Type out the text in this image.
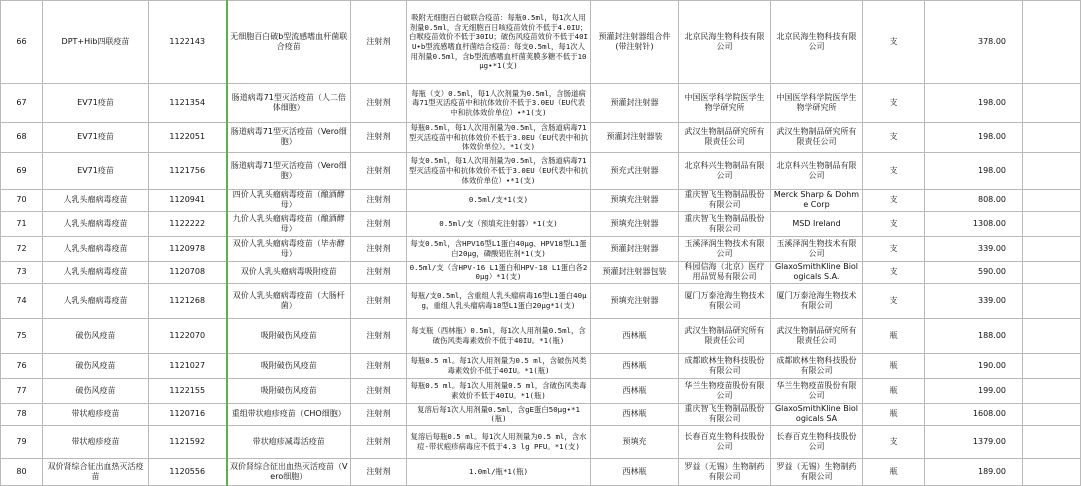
66	DPT+Hib四联疫苗	1122143	无细胞百白破b型流感嗜血杆菌联合疫苗	注射剂	吸附无细胞百白破联合疫苗：每瓶0.5ml，每1次人用剂量0.5ml，含无细胞百日咳疫苗效价不低于4.0IU；白喉疫苗效价不低于30IU；破伤风疫苗效价不低于40IU•b型流感嗜血杆菌结合疫苗：每支0.5ml，每1次人用剂量0.5ml，含b型流感嗜血杆菌荚膜多糖不低于10μg•*1(支)	预灌封注射器组合件(带注射针)	北京民海生物科技有限公司	北京民海生物科技有限公司	支	378.00	
67	EV71疫苗	1121354	肠道病毒71型灭活疫苗（人二倍体细胞）	注射剂	每瓶（支）0.5ml，每1人次剂量为0.5ml，含肠道病毒71型灭活疫苗中和抗体效价不低于3.0EU（EU代表中和抗体效价单位）•*1(支)	预灌封注射器	中国医学科学院医学生物学研究所	中国医学科学院医学生物学研究所	支	198.00	
68	EV71疫苗	1122051	肠道病毒71型灭活疫苗（Vero细胞）	注射剂	每瓶0.5ml，每1人次用剂量为0.5ml，含肠道病毒71型灭活疫苗中和抗体效价不低于3.0EU（EU代表中和抗体效价单位）。*1(支)	预灌封注射器装	武汉生物制品研究所有限责任公司	武汉生物制品研究所有限责任公司	支	198.00	
69	EV71疫苗	1121756	肠道病毒71型灭活疫苗（Vero细胞）	注射剂	每支0.5ml，每1人次用剂量为0.5ml，含肠道病毒71型灭活疫苗中和抗体效价不低于3.0EU（EU代表中和抗体效价单位）•*1(支)	预充式注射器	北京科兴生物制品有限公司	北京科兴生物制品有限公司	支	198.00	
70	人乳头瘤病毒疫苗	1120941	四价人乳头瘤病毒疫苗（酿酒酵母）	注射剂	0.5ml/支*1(支)	预填充注射器	重庆智飞生物制品股份有限公司	Merck Sharp & Dohme Corp	支	808.00	
71	人乳头瘤病毒疫苗	1122222	九价人乳头瘤病毒疫苗（酿酒酵母）	注射剂	0.5ml/支（预填充注射器）*1(支)	预填充注射器	重庆智飞生物制品股份有限公司	MSD Ireland	支	1308.00	
72	人乳头瘤病毒疫苗	1120978	双价人乳头瘤病毒疫苗（毕赤酵母）	注射剂	每支0.5ml，含HPV16型L1蛋白40μg、HPV18型L1蛋白20μg，磷酸铝佐剂*1(支)	预灌封注射器	玉溪泽润生物技术有限公司	玉溪泽润生物技术有限公司	支	339.00	
73	人乳头瘤病毒疫苗	1120708	双价人乳头瘤病毒吸附疫苗	注射剂	0.5ml/支（含HPV-16 L1蛋白和HPV-18 L1蛋白各20μg）*1(支)	预灌封注射器包装	科园信海（北京）医疗用品贸易有限公司	GlaxoSmithKline Biologicals S.A.	支	590.00	
74	人乳头瘤病毒疫苗	1121268	双价人乳头瘤病毒疫苗（大肠杆菌）	注射剂	每瓶/支0.5ml，含重组人乳头瘤病毒16型L1蛋白40μg，重组人乳头瘤病毒18型L1蛋白20μg*1(支)	预填充注射器	厦门万泰沧海生物技术有限公司	厦门万泰沧海生物技术有限公司	支	339.00	
75	破伤风疫苗	1122070	吸附破伤风疫苗	注射剂	每支瓶（西林瓶）0.5ml，每1次人用剂量0.5ml，含破伤风类毒素效价不低于40IU。*1(瓶)	西林瓶	武汉生物制品研究所有限责任公司	武汉生物制品研究所有限责任公司	瓶	188.00	
76	破伤风疫苗	1121027	吸附破伤风疫苗	注射剂	每瓶0.5 ml。每1次人用剂量为0.5 ml，含破伤风类毒素效价不低于40IU。*1(瓶)	西林瓶	成都欧林生物科技股份有限公司	成都欧林生物科技股份有限公司	瓶	190.00	
77	破伤风疫苗	1122155	吸附破伤风疫苗	注射剂	每瓶0.5 ml。每1次人用剂量0.5 ml，含破伤风类毒素效价不低于40IU。*1(瓶)	西林瓶	华兰生物疫苗股份有限公司	华兰生物疫苗股份有限公司	瓶	199.00	
78	带状疱疹疫苗	1120716	重组带状疱疹疫苗（CHO细胞）	注射剂	复溶后每1次人用剂量0.5ml，含gE蛋白50μg•*1(瓶)	西林瓶	重庆智飞生物制品股份有限公司	GlaxoSmithKline Biologicals SA	瓶	1608.00	
79	带状疱疹疫苗	1121592	带状疱疹减毒活疫苗	注射剂	复溶后每瓶0.5 ml。每1次人用剂量为0.5 ml，含水痘-带状疱疹病毒应不低于4.3 lg PFU。*1(支)	预填充	长春百克生物科技股份公司	长春百克生物科技股份公司	支	1379.00	
80	双价肾综合征出血热灭活疫苗	1120556	双价肾综合征出血热灭活疫苗（Vero细胞）	注射剂	1.0ml/瓶*1(瓶)	西林瓶	罗益（无锡）生物制药有限公司	罗益（无锡）生物制药有限公司	瓶	189.00	
